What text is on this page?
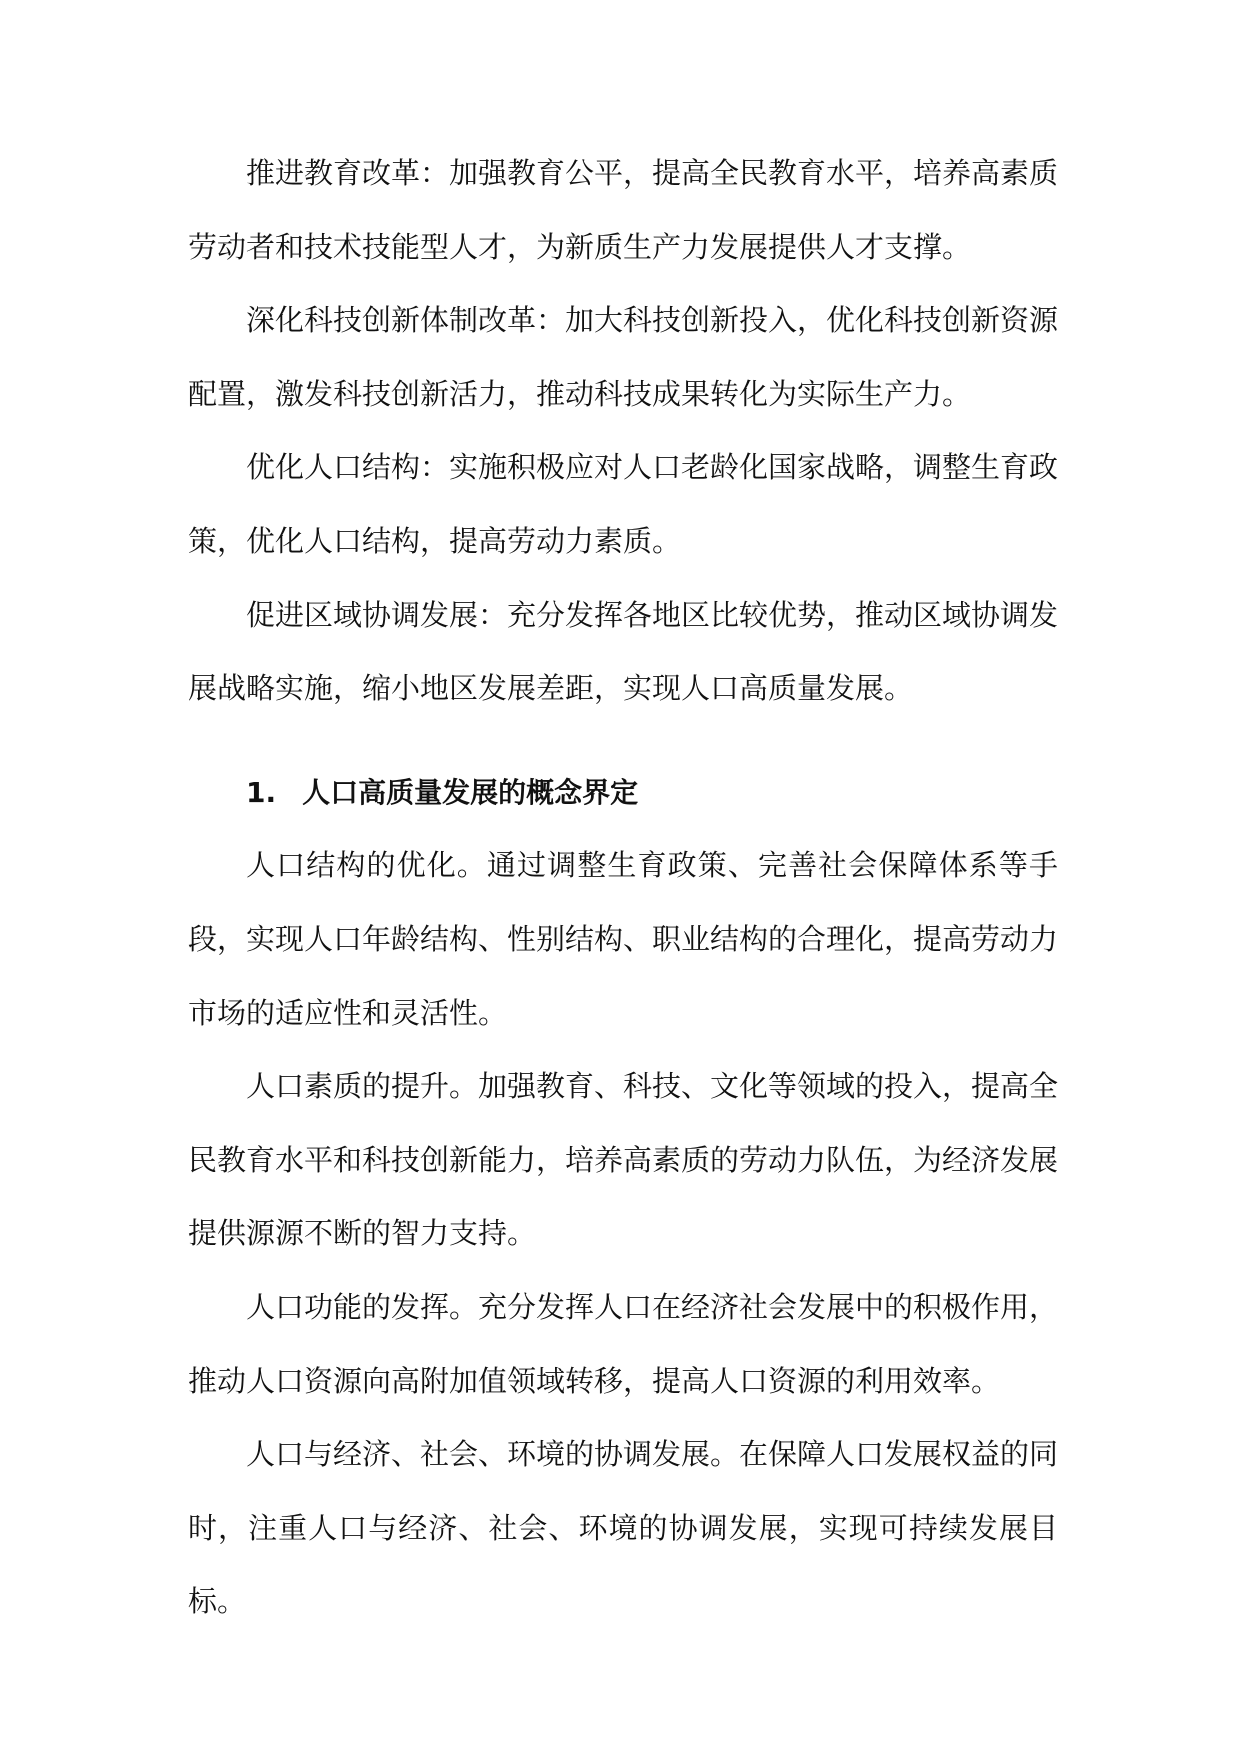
推进教育改革：加强教育公平，提高全民教育水平，培养高素质劳动者和技术技能型人才，为新质生产力发展提供人才支撑。

深化科技创新体制改革：加大科技创新投入，优化科技创新资源配置，激发科技创新活力，推动科技成果转化为实际生产力。

优化人口结构：实施积极应对人口老龄化国家战略，调整生育政策，优化人口结构，提高劳动力素质。

促进区域协调发展：充分发挥各地区比较优势，推动区域协调发展战略实施，缩小地区发展差距，实现人口高质量发展。

1. 人口高质量发展的概念界定

人口结构的优化。通过调整生育政策、完善社会保障体系等手段，实现人口年龄结构、性别结构、职业结构的合理化，提高劳动力市场的适应性和灵活性。

人口素质的提升。加强教育、科技、文化等领域的投入，提高全民教育水平和科技创新能力，培养高素质的劳动力队伍，为经济发展提供源源不断的智力支持。

人口功能的发挥。充分发挥人口在经济社会发展中的积极作用，推动人口资源向高附加值领域转移，提高人口资源的利用效率。

人口与经济、社会、环境的协调发展。在保障人口发展权益的同时，注重人口与经济、社会、环境的协调发展，实现可持续发展目标。
